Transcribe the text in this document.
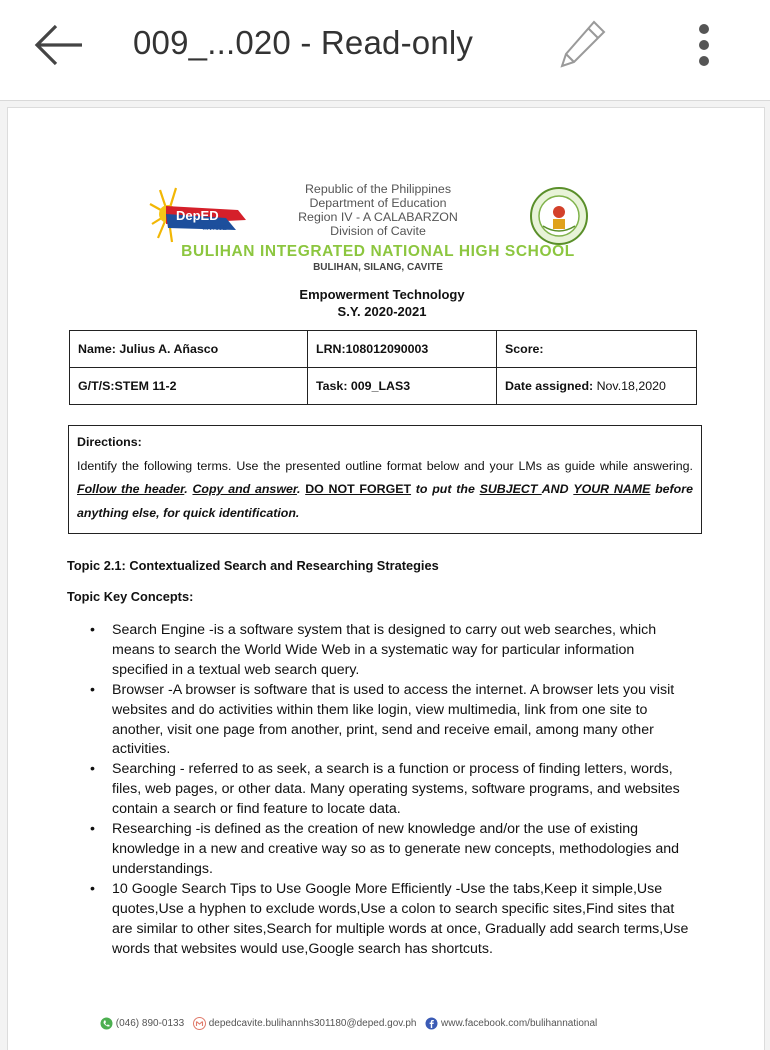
009_...020 - Read-only
DepED
CAVITE
Republic of the Philippines
Department of Education
Region IV - A CALABARZON
Division of Cavite
BULIHAN INTEGRATED NATIONAL HIGH SCHOOL
BULIHAN, SILANG, CAVITE
Empowerment Technology
S.Y. 2020-2021
Name: Julius A. Añasco	LRN:108012090003	Score:
G/T/S:STEM 11-2	Task: 009_LAS3	Date assigned: Nov.18,2020
Directions:
Identify the following terms. Use the presented outline format below and your LMs as guide while answering. Follow the header. Copy and answer. DO NOT FORGET to put the SUBJECT AND YOUR NAME before anything else, for quick identification.
Topic 2.1: Contextualized Search and Researching Strategies
Topic Key Concepts:
• Search Engine -is a software system that is designed to carry out web searches, which means to search the World Wide Web in a systematic way for particular information specified in a textual web search query.
• Browser -A browser is software that is used to access the internet. A browser lets you visit websites and do activities within them like login, view multimedia, link from one site to another, visit one page from another, print, send and receive email, among many other activities.
• Searching - referred to as seek, a search is a function or process of finding letters, words, files, web pages, or other data. Many operating systems, software programs, and websites contain a search or find feature to locate data.
• Researching -is defined as the creation of new knowledge and/or the use of existing knowledge in a new and creative way so as to generate new concepts, methodologies and understandings.
• 10 Google Search Tips to Use Google More Efficiently -Use the tabs,Keep it simple,Use quotes,Use a hyphen to exclude words,Use a colon to search specific sites,Find sites that are similar to other sites,Search for multiple words at once, Gradually add search terms,Use words that websites would use,Google search has shortcuts.
(046) 890-0133 depedcavite.bulihannhs301180@deped.gov.ph www.facebook.com/bulihannational
